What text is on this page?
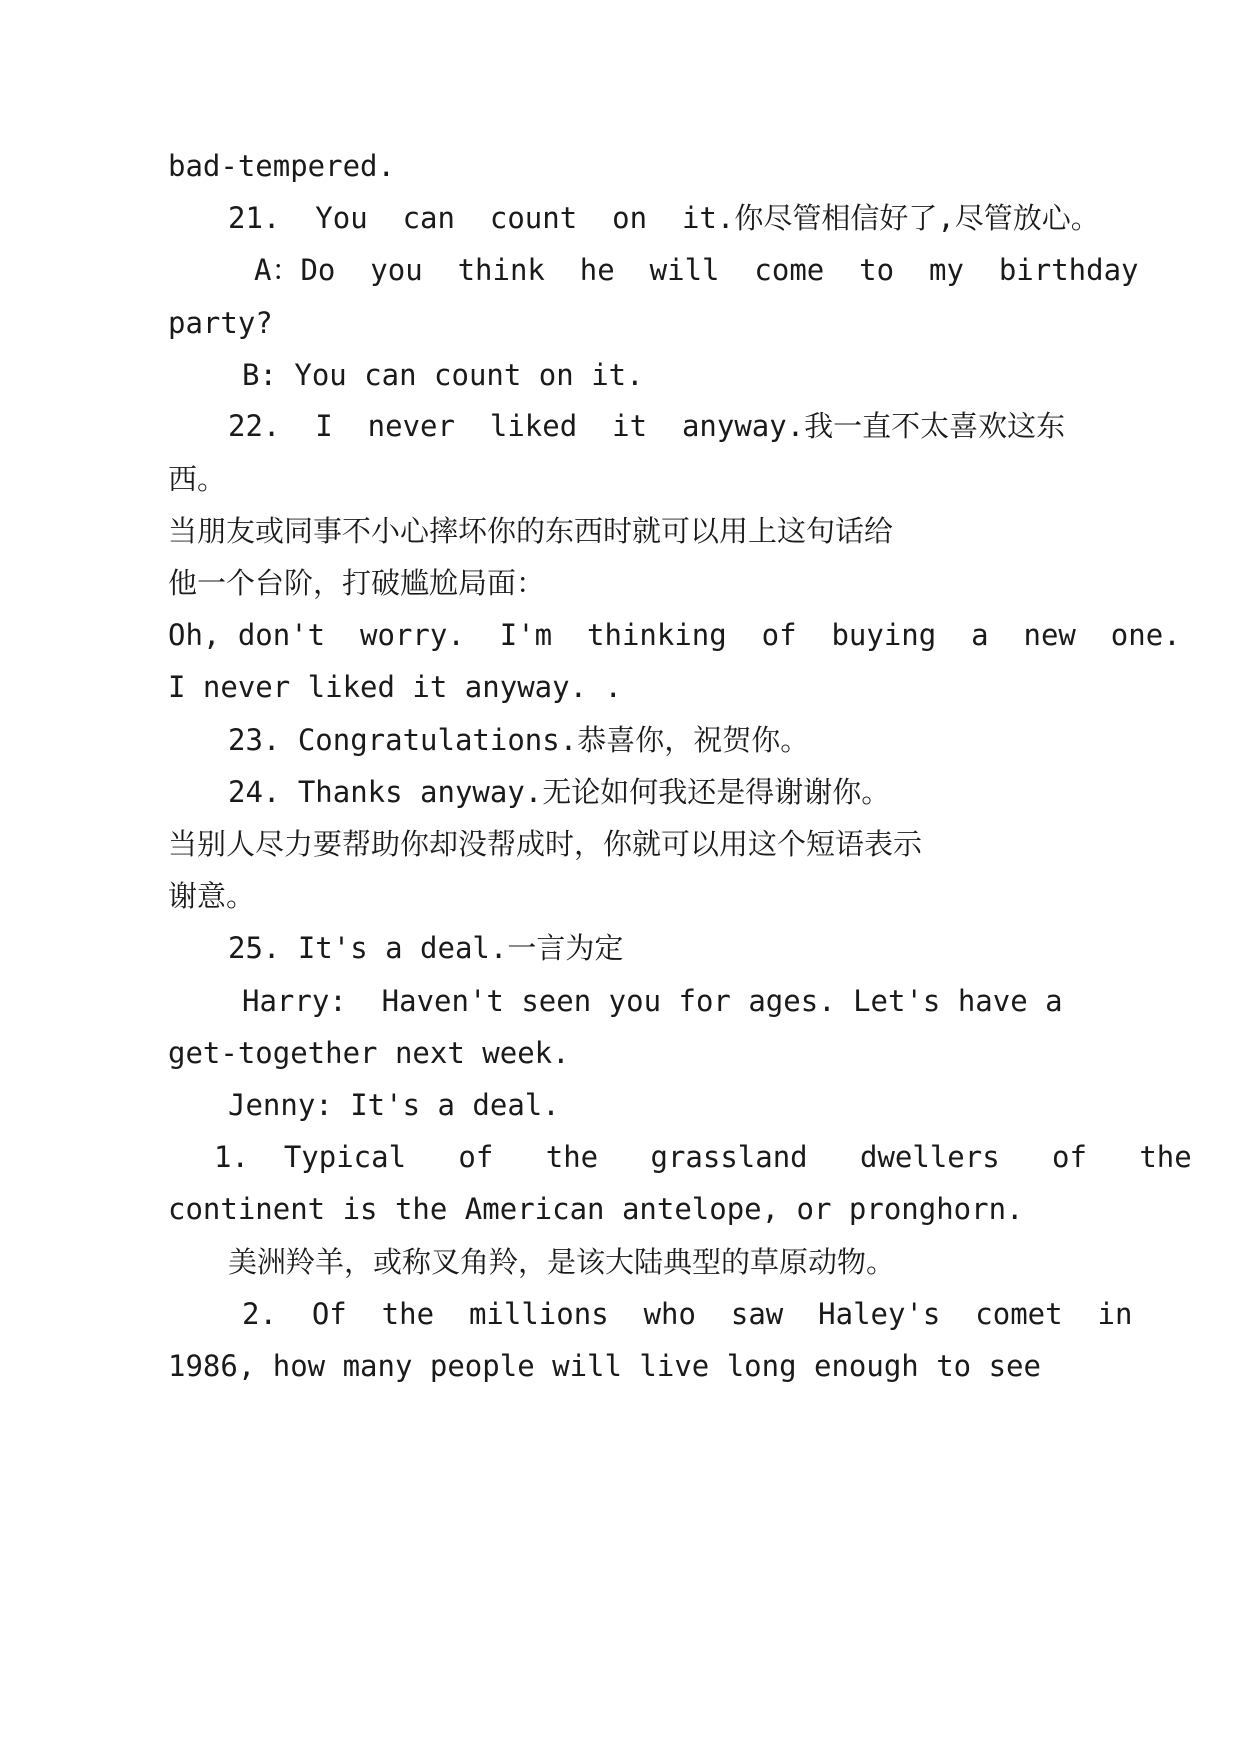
bad-tempered.
21.  You  can  count  on  it.你尽管相信好了,尽管放心。
A：Do  you  think  he  will  come  to  my  birthday
party?
B: You can count on it.
22.  I  never  liked  it  anyway.我一直不太喜欢这东
西。
当朋友或同事不小心摔坏你的东西时就可以用上这句话给
他一个台阶，打破尴尬局面：
Oh, don't  worry.  I'm  thinking  of  buying  a  new  one.
I never liked it anyway. .
23. Congratulations.恭喜你，祝贺你。
24. Thanks anyway.无论如何我还是得谢谢你。
当别人尽力要帮助你却没帮成时，你就可以用这个短语表示
谢意。
25. It's a deal.一言为定
Harry:  Haven't seen you for ages. Let's have a
get-together next week.
Jenny: It's a deal.
1.  Typical   of   the   grassland   dwellers   of   the
continent is the American antelope, or pronghorn.
美洲羚羊，或称叉角羚，是该大陆典型的草原动物。
2.  Of  the  millions  who  saw  Haley's  comet  in
1986, how many people will live long enough to see
